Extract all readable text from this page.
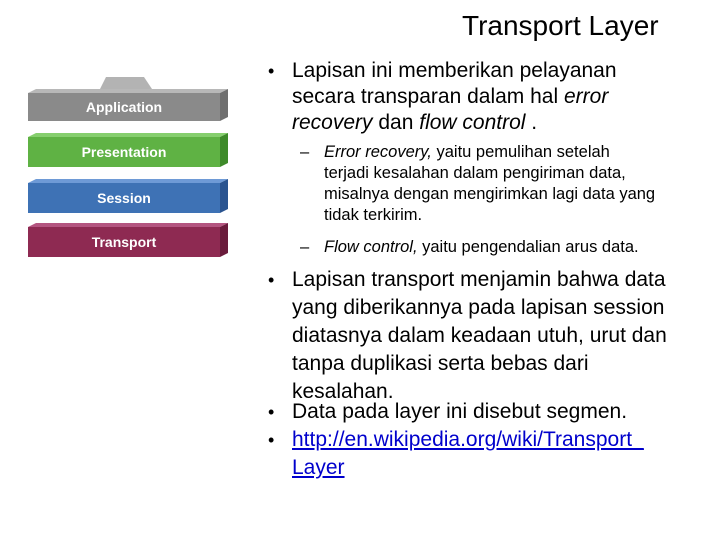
Transport Layer
Application
Presentation
Session
Transport
• Lapisan ini memberikan pelayanan
secara transparan dalam hal error
recovery dan flow control .
– Error recovery, yaitu pemulihan setelah
terjadi kesalahan dalam pengiriman data,
misalnya dengan mengirimkan lagi data yang
tidak terkirim.
– Flow control, yaitu pengendalian arus data.
• Lapisan transport menjamin bahwa data
yang diberikannya pada lapisan session
diatasnya dalam keadaan utuh, urut dan
tanpa duplikasi serta bebas dari
kesalahan.
• Data pada layer ini disebut segmen.
• http://en.wikipedia.org/wiki/Transport_
Layer
